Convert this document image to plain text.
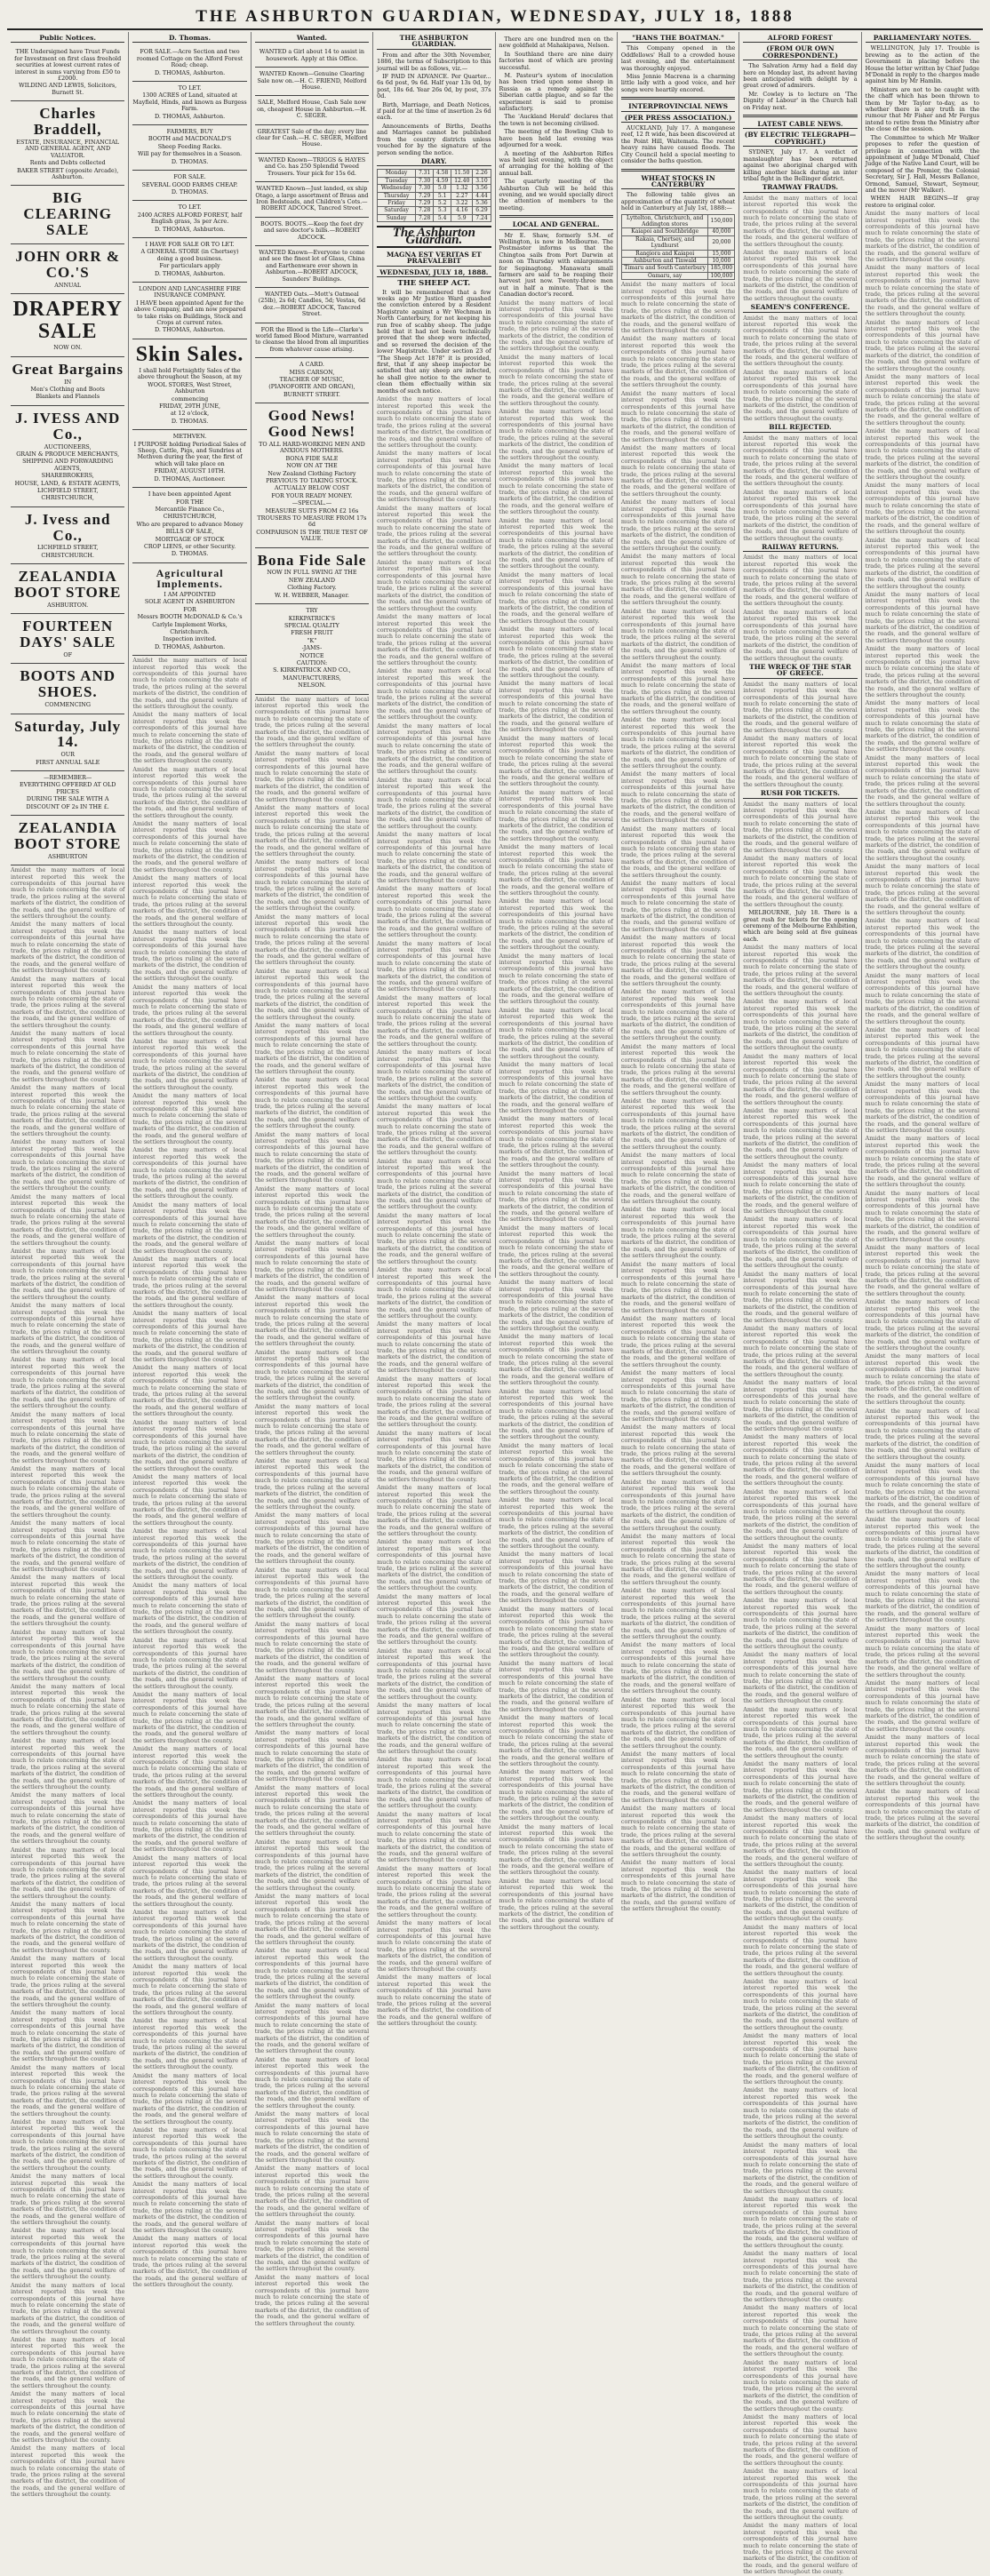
THE ASHBURTON GUARDIAN, WEDNESDAY, JULY 18, 1888
Public Notices.

THE Undersigned have Trust Funds for Investment on first class freehold securities at lowest current rates of interest in sums varying from £50 to £2000.

WILDING AND LEWIS, Solicitors, Burnett St.

Charles Braddell,

ESTATE, INSURANCE, FINANCIAL AND GENERAL AGENT, AND VALUATOR.

Rents and Debts collected

BAKER STREET (opposite Arcade), Ashburton.

BIG CLEARING SALE
JOHN ORR & CO.'S

ANNUAL

DRAPERY SALE

NOW ON.

Great Bargains

IN

Men's Clothing and Boots

Blankets and Flannels

J. IVESS AND Co.,

AUCTIONEERS,

GRAIN & PRODUCE MERCHANTS,

SHIPPING AND FORWARDING AGENTS,

SHAREBROKERS,

HOUSE, LAND, & ESTATE AGENTS,

LICHFIELD STREET,

CHRISTCHURCH,

J. Ivess and Co.,

LICHFIELD STREET,

CHRISTCHURCH.

ZEALANDIA BOOT STORE

ASHBURTON.

FOURTEEN DAYS' SALE

OF

BOOTS AND SHOES.

COMMENCING

Saturday, July 14.

OUR

FIRST ANNUAL SALE

—REMEMBER—

EVERYTHING OFFERED AT OLD PRICES

DURING THE SALE WITH A

DISCOUNT OF 2s IN THE £.

ZEALANDIA BOOT STORE

ASHBURTON

Amidst the many matters of local interest reported this week the correspondents of this journal have much to relate concerning the state of trade, the prices ruling at the several markets of the district, the condition of the roads, and the general welfare of the settlers throughout the county.

Amidst the many matters of local interest reported this week the correspondents of this journal have much to relate concerning the state of trade, the prices ruling at the several markets of the district, the condition of the roads, and the general welfare of the settlers throughout the county.

Amidst the many matters of local interest reported this week the correspondents of this journal have much to relate concerning the state of trade, the prices ruling at the several markets of the district, the condition of the roads, and the general welfare of the settlers throughout the county.

Amidst the many matters of local interest reported this week the correspondents of this journal have much to relate concerning the state of trade, the prices ruling at the several markets of the district, the condition of the roads, and the general welfare of the settlers throughout the county.

Amidst the many matters of local interest reported this week the correspondents of this journal have much to relate concerning the state of trade, the prices ruling at the several markets of the district, the condition of the roads, and the general welfare of the settlers throughout the county.

Amidst the many matters of local interest reported this week the correspondents of this journal have much to relate concerning the state of trade, the prices ruling at the several markets of the district, the condition of the roads, and the general welfare of the settlers throughout the county.

Amidst the many matters of local interest reported this week the correspondents of this journal have much to relate concerning the state of trade, the prices ruling at the several markets of the district, the condition of the roads, and the general welfare of the settlers throughout the county.

Amidst the many matters of local interest reported this week the correspondents of this journal have much to relate concerning the state of trade, the prices ruling at the several markets of the district, the condition of the roads, and the general welfare of the settlers throughout the county.

Amidst the many matters of local interest reported this week the correspondents of this journal have much to relate concerning the state of trade, the prices ruling at the several markets of the district, the condition of the roads, and the general welfare of the settlers throughout the county.

Amidst the many matters of local interest reported this week the correspondents of this journal have much to relate concerning the state of trade, the prices ruling at the several markets of the district, the condition of the roads, and the general welfare of the settlers throughout the county.

Amidst the many matters of local interest reported this week the correspondents of this journal have much to relate concerning the state of trade, the prices ruling at the several markets of the district, the condition of the roads, and the general welfare of the settlers throughout the county.

Amidst the many matters of local interest reported this week the correspondents of this journal have much to relate concerning the state of trade, the prices ruling at the several markets of the district, the condition of the roads, and the general welfare of the settlers throughout the county.

Amidst the many matters of local interest reported this week the correspondents of this journal have much to relate concerning the state of trade, the prices ruling at the several markets of the district, the condition of the roads, and the general welfare of the settlers throughout the county.

Amidst the many matters of local interest reported this week the correspondents of this journal have much to relate concerning the state of trade, the prices ruling at the several markets of the district, the condition of the roads, and the general welfare of the settlers throughout the county.

Amidst the many matters of local interest reported this week the correspondents of this journal have much to relate concerning the state of trade, the prices ruling at the several markets of the district, the condition of the roads, and the general welfare of the settlers throughout the county.

Amidst the many matters of local interest reported this week the correspondents of this journal have much to relate concerning the state of trade, the prices ruling at the several markets of the district, the condition of the roads, and the general welfare of the settlers throughout the county.

Amidst the many matters of local interest reported this week the correspondents of this journal have much to relate concerning the state of trade, the prices ruling at the several markets of the district, the condition of the roads, and the general welfare of the settlers throughout the county.

Amidst the many matters of local interest reported this week the correspondents of this journal have much to relate concerning the state of trade, the prices ruling at the several markets of the district, the condition of the roads, and the general welfare of the settlers throughout the county.

Amidst the many matters of local interest reported this week the correspondents of this journal have much to relate concerning the state of trade, the prices ruling at the several markets of the district, the condition of the roads, and the general welfare of the settlers throughout the county.

Amidst the many matters of local interest reported this week the correspondents of this journal have much to relate concerning the state of trade, the prices ruling at the several markets of the district, the condition of the roads, and the general welfare of the settlers throughout the county.

Amidst the many matters of local interest reported this week the correspondents of this journal have much to relate concerning the state of trade, the prices ruling at the several markets of the district, the condition of the roads, and the general welfare of the settlers throughout the county.

Amidst the many matters of local interest reported this week the correspondents of this journal have much to relate concerning the state of trade, the prices ruling at the several markets of the district, the condition of the roads, and the general welfare of the settlers throughout the county.

Amidst the many matters of local interest reported this week the correspondents of this journal have much to relate concerning the state of trade, the prices ruling at the several markets of the district, the condition of the roads, and the general welfare of the settlers throughout the county.

Amidst the many matters of local interest reported this week the correspondents of this journal have much to relate concerning the state of trade, the prices ruling at the several markets of the district, the condition of the roads, and the general welfare of the settlers throughout the county.

Amidst the many matters of local interest reported this week the correspondents of this journal have much to relate concerning the state of trade, the prices ruling at the several markets of the district, the condition of the roads, and the general welfare of the settlers throughout the county.

Amidst the many matters of local interest reported this week the correspondents of this journal have much to relate concerning the state of trade, the prices ruling at the several markets of the district, the condition of the roads, and the general welfare of the settlers throughout the county.

Amidst the many matters of local interest reported this week the correspondents of this journal have much to relate concerning the state of trade, the prices ruling at the several markets of the district, the condition of the roads, and the general welfare of the settlers throughout the county.

Amidst the many matters of local interest reported this week the correspondents of this journal have much to relate concerning the state of trade, the prices ruling at the several markets of the district, the condition of the roads, and the general welfare of the settlers throughout the county.

Amidst the many matters of local interest reported this week the correspondents of this journal have much to relate concerning the state of trade, the prices ruling at the several markets of the district, the condition of the roads, and the general welfare of the settlers throughout the county.

Amidst the many matters of local interest reported this week the correspondents of this journal have much to relate concerning the state of trade, the prices ruling at the several markets of the district, the condition of the roads, and the general welfare of the settlers throughout the county.

D. Thomas.

FOR SALE.—Acre Section and two roomed Cottage on the Alford Forest Road; cheap.

D. THOMAS, Ashburton.

TO LET.

1300 ACRES of Land, situated at Mayfield, Hinds, and known as Burgess Farm.

D. THOMAS, Ashburton.

FARMERS, BUY

BOOTH and MACDONALD'S

Sheep Feeding Racks.

Will pay for themselves in a Season.

D. THOMAS.

FOR SALE.

SEVERAL GOOD FARMS CHEAP.

D. THOMAS.

TO LET.

2400 ACRES ALFORD FOREST, half English grass, 3s per Acre.

D. THOMAS, Ashburton.

I HAVE FOR SALE OR TO LET.

A GENERAL STORE (in Chertsey) doing a good business.

For particulars apply

D. THOMAS, Ashburton.

LONDON AND LANCASHIRE FIRE INSURANCE COMPANY.

I HAVE been appointed Agent for the above Company, and am now prepared to take risks on Buildings, Stock and Crops at current rates.

D. THOMAS, Ashburton.

Skin Sales.

I shall hold Fortnightly Sales of the above throughout the Season, at my

WOOL STORES, West Street, Ashburton

commencing

FRIDAY, 29TH JUNE,

at 12 o'clock,

D. THOMAS.

METHVEN.

I PURPOSE holding Periodical Sales of Sheep, Cattle, Pigs, and Sundries at Methven during the year, the first of which will take place on

FRIDAY, AUGUST 10TH.

D. THOMAS, Auctioneer.

I have been appointed Agent

FOR THE

Mercantile Finance Co.,

CHRISTCHURCH,

Who are prepared to advance Money

BILLS OF SALE,

MORTGAGE OF STOCK

CROP LIENS, or other Security.

D. THOMAS.

Agricultural Implements.

I AM APPOINTED

SOLE AGENT IN ASHBURTON

FOR

Messrs BOOTH McDONALD & Co.'s

Carlyle Implement Works,

Christchurch.

Inspection invited.

D. THOMAS, Ashburton.

Amidst the many matters of local interest reported this week the correspondents of this journal have much to relate concerning the state of trade, the prices ruling at the several markets of the district, the condition of the roads, and the general welfare of the settlers throughout the county.

Amidst the many matters of local interest reported this week the correspondents of this journal have much to relate concerning the state of trade, the prices ruling at the several markets of the district, the condition of the roads, and the general welfare of the settlers throughout the county.

Amidst the many matters of local interest reported this week the correspondents of this journal have much to relate concerning the state of trade, the prices ruling at the several markets of the district, the condition of the roads, and the general welfare of the settlers throughout the county.

Amidst the many matters of local interest reported this week the correspondents of this journal have much to relate concerning the state of trade, the prices ruling at the several markets of the district, the condition of the roads, and the general welfare of the settlers throughout the county.

Amidst the many matters of local interest reported this week the correspondents of this journal have much to relate concerning the state of trade, the prices ruling at the several markets of the district, the condition of the roads, and the general welfare of the settlers throughout the county.

Amidst the many matters of local interest reported this week the correspondents of this journal have much to relate concerning the state of trade, the prices ruling at the several markets of the district, the condition of the roads, and the general welfare of the settlers throughout the county.

Amidst the many matters of local interest reported this week the correspondents of this journal have much to relate concerning the state of trade, the prices ruling at the several markets of the district, the condition of the roads, and the general welfare of the settlers throughout the county.

Amidst the many matters of local interest reported this week the correspondents of this journal have much to relate concerning the state of trade, the prices ruling at the several markets of the district, the condition of the roads, and the general welfare of the settlers throughout the county.

Amidst the many matters of local interest reported this week the correspondents of this journal have much to relate concerning the state of trade, the prices ruling at the several markets of the district, the condition of the roads, and the general welfare of the settlers throughout the county.

Amidst the many matters of local interest reported this week the correspondents of this journal have much to relate concerning the state of trade, the prices ruling at the several markets of the district, the condition of the roads, and the general welfare of the settlers throughout the county.

Amidst the many matters of local interest reported this week the correspondents of this journal have much to relate concerning the state of trade, the prices ruling at the several markets of the district, the condition of the roads, and the general welfare of the settlers throughout the county.

Amidst the many matters of local interest reported this week the correspondents of this journal have much to relate concerning the state of trade, the prices ruling at the several markets of the district, the condition of the roads, and the general welfare of the settlers throughout the county.

Amidst the many matters of local interest reported this week the correspondents of this journal have much to relate concerning the state of trade, the prices ruling at the several markets of the district, the condition of the roads, and the general welfare of the settlers throughout the county.

Amidst the many matters of local interest reported this week the correspondents of this journal have much to relate concerning the state of trade, the prices ruling at the several markets of the district, the condition of the roads, and the general welfare of the settlers throughout the county.

Amidst the many matters of local interest reported this week the correspondents of this journal have much to relate concerning the state of trade, the prices ruling at the several markets of the district, the condition of the roads, and the general welfare of the settlers throughout the county.

Amidst the many matters of local interest reported this week the correspondents of this journal have much to relate concerning the state of trade, the prices ruling at the several markets of the district, the condition of the roads, and the general welfare of the settlers throughout the county.

Amidst the many matters of local interest reported this week the correspondents of this journal have much to relate concerning the state of trade, the prices ruling at the several markets of the district, the condition of the roads, and the general welfare of the settlers throughout the county.

Amidst the many matters of local interest reported this week the correspondents of this journal have much to relate concerning the state of trade, the prices ruling at the several markets of the district, the condition of the roads, and the general welfare of the settlers throughout the county.

Amidst the many matters of local interest reported this week the correspondents of this journal have much to relate concerning the state of trade, the prices ruling at the several markets of the district, the condition of the roads, and the general welfare of the settlers throughout the county.

Amidst the many matters of local interest reported this week the correspondents of this journal have much to relate concerning the state of trade, the prices ruling at the several markets of the district, the condition of the roads, and the general welfare of the settlers throughout the county.

Amidst the many matters of local interest reported this week the correspondents of this journal have much to relate concerning the state of trade, the prices ruling at the several markets of the district, the condition of the roads, and the general welfare of the settlers throughout the county.

Amidst the many matters of local interest reported this week the correspondents of this journal have much to relate concerning the state of trade, the prices ruling at the several markets of the district, the condition of the roads, and the general welfare of the settlers throughout the county.

Amidst the many matters of local interest reported this week the correspondents of this journal have much to relate concerning the state of trade, the prices ruling at the several markets of the district, the condition of the roads, and the general welfare of the settlers throughout the county.

Amidst the many matters of local interest reported this week the correspondents of this journal have much to relate concerning the state of trade, the prices ruling at the several markets of the district, the condition of the roads, and the general welfare of the settlers throughout the county.

Amidst the many matters of local interest reported this week the correspondents of this journal have much to relate concerning the state of trade, the prices ruling at the several markets of the district, the condition of the roads, and the general welfare of the settlers throughout the county.

Amidst the many matters of local interest reported this week the correspondents of this journal have much to relate concerning the state of trade, the prices ruling at the several markets of the district, the condition of the roads, and the general welfare of the settlers throughout the county.

Amidst the many matters of local interest reported this week the correspondents of this journal have much to relate concerning the state of trade, the prices ruling at the several markets of the district, the condition of the roads, and the general welfare of the settlers throughout the county.

Amidst the many matters of local interest reported this week the correspondents of this journal have much to relate concerning the state of trade, the prices ruling at the several markets of the district, the condition of the roads, and the general welfare of the settlers throughout the county.

Amidst the many matters of local interest reported this week the correspondents of this journal have much to relate concerning the state of trade, the prices ruling at the several markets of the district, the condition of the roads, and the general welfare of the settlers throughout the county.

Amidst the many matters of local interest reported this week the correspondents of this journal have much to relate concerning the state of trade, the prices ruling at the several markets of the district, the condition of the roads, and the general welfare of the settlers throughout the county.

Wanted.

WANTED a Girl about 14 to assist in housework. Apply at this Office.

WANTED Known—Genuine Clearing Sale now on.—H. C. FRIEND, Melford House.

SALE, Melford House, Cash Sale now on, cheapest House in Ashburton.—H. C. SEGER.

GREATEST Sale of the day; every line clear for Cash.—H. C. SEGER, Melford House.

WANTED Known—TRIGGS & HAYES and Co. has 250 Splendid Tweed Trousers. Your pick for 15s 6d.

WANTED Known—Just landed, ex ship Otago, a large assortment of Brass and Iron Bedsteads, and Children's Cots.—ROBERT ADCOCK, Tancred Street.

BOOTS. BOOTS.—Keep the feet dry and save doctor's bills.—ROBERT ADCOCK.

WANTED Known—Everyone to come and see the finest lot of Glass, China and Earthenware ever shown in Ashburton.—ROBERT ADCOCK, Saunders' Buildings.

WANTED Oats.—Mott's Oatmeal (25lb), 2s 6d; Candles, 5d; Vestas, 6d doz.—ROBERT ADCOCK, Tancred Street.

FOR the Blood is the Life—Clarke's world famed Blood Mixture, warranted to cleanse the blood from all impurities from whatever cause arising.

A CARD.

MISS CARSON,

TEACHER OF MUSIC,

(PIANOFORTE AND ORGAN),

BURNETT STREET.

Good News! Good News!

TO ALL HARD-WORKING MEN AND ANXIOUS MOTHERS.

BONA FIDE SALE

NOW ON AT THE

New Zealand Clothing Factory

PREVIOUS TO TAKING STOCK.

ACTUALLY BELOW COST

FOR YOUR READY MONEY.

—SPECIAL.—

MEASURE SUITS FROM £2 16s

TROUSERS TO MEASURE FROM 17s 6d

COMPARISON IS THE TRUE TEST OF VALUE.

Bona Fide Sale

NOW IN FULL SWING AT THE

NEW ZEALAND

Clothing Factory.

W. H. WEBBER, Manager.

TRY

KIRKPATRICK'S

SPECIAL QUALITY

FRESH FRUIT

"K"

-JAMS-

NOTICE

CAUTION:

S. KIRKPATRICK AND CO.,

MANUFACTURERS,

NELSON.

Amidst the many matters of local interest reported this week the correspondents of this journal have much to relate concerning the state of trade, the prices ruling at the several markets of the district, the condition of the roads, and the general welfare of the settlers throughout the county.

Amidst the many matters of local interest reported this week the correspondents of this journal have much to relate concerning the state of trade, the prices ruling at the several markets of the district, the condition of the roads, and the general welfare of the settlers throughout the county.

Amidst the many matters of local interest reported this week the correspondents of this journal have much to relate concerning the state of trade, the prices ruling at the several markets of the district, the condition of the roads, and the general welfare of the settlers throughout the county.

Amidst the many matters of local interest reported this week the correspondents of this journal have much to relate concerning the state of trade, the prices ruling at the several markets of the district, the condition of the roads, and the general welfare of the settlers throughout the county.

Amidst the many matters of local interest reported this week the correspondents of this journal have much to relate concerning the state of trade, the prices ruling at the several markets of the district, the condition of the roads, and the general welfare of the settlers throughout the county.

Amidst the many matters of local interest reported this week the correspondents of this journal have much to relate concerning the state of trade, the prices ruling at the several markets of the district, the condition of the roads, and the general welfare of the settlers throughout the county.

Amidst the many matters of local interest reported this week the correspondents of this journal have much to relate concerning the state of trade, the prices ruling at the several markets of the district, the condition of the roads, and the general welfare of the settlers throughout the county.

Amidst the many matters of local interest reported this week the correspondents of this journal have much to relate concerning the state of trade, the prices ruling at the several markets of the district, the condition of the roads, and the general welfare of the settlers throughout the county.

Amidst the many matters of local interest reported this week the correspondents of this journal have much to relate concerning the state of trade, the prices ruling at the several markets of the district, the condition of the roads, and the general welfare of the settlers throughout the county.

Amidst the many matters of local interest reported this week the correspondents of this journal have much to relate concerning the state of trade, the prices ruling at the several markets of the district, the condition of the roads, and the general welfare of the settlers throughout the county.

Amidst the many matters of local interest reported this week the correspondents of this journal have much to relate concerning the state of trade, the prices ruling at the several markets of the district, the condition of the roads, and the general welfare of the settlers throughout the county.

Amidst the many matters of local interest reported this week the correspondents of this journal have much to relate concerning the state of trade, the prices ruling at the several markets of the district, the condition of the roads, and the general welfare of the settlers throughout the county.

Amidst the many matters of local interest reported this week the correspondents of this journal have much to relate concerning the state of trade, the prices ruling at the several markets of the district, the condition of the roads, and the general welfare of the settlers throughout the county.

Amidst the many matters of local interest reported this week the correspondents of this journal have much to relate concerning the state of trade, the prices ruling at the several markets of the district, the condition of the roads, and the general welfare of the settlers throughout the county.

Amidst the many matters of local interest reported this week the correspondents of this journal have much to relate concerning the state of trade, the prices ruling at the several markets of the district, the condition of the roads, and the general welfare of the settlers throughout the county.

Amidst the many matters of local interest reported this week the correspondents of this journal have much to relate concerning the state of trade, the prices ruling at the several markets of the district, the condition of the roads, and the general welfare of the settlers throughout the county.

Amidst the many matters of local interest reported this week the correspondents of this journal have much to relate concerning the state of trade, the prices ruling at the several markets of the district, the condition of the roads, and the general welfare of the settlers throughout the county.

Amidst the many matters of local interest reported this week the correspondents of this journal have much to relate concerning the state of trade, the prices ruling at the several markets of the district, the condition of the roads, and the general welfare of the settlers throughout the county.

Amidst the many matters of local interest reported this week the correspondents of this journal have much to relate concerning the state of trade, the prices ruling at the several markets of the district, the condition of the roads, and the general welfare of the settlers throughout the county.

Amidst the many matters of local interest reported this week the correspondents of this journal have much to relate concerning the state of trade, the prices ruling at the several markets of the district, the condition of the roads, and the general welfare of the settlers throughout the county.

Amidst the many matters of local interest reported this week the correspondents of this journal have much to relate concerning the state of trade, the prices ruling at the several markets of the district, the condition of the roads, and the general welfare of the settlers throughout the county.

Amidst the many matters of local interest reported this week the correspondents of this journal have much to relate concerning the state of trade, the prices ruling at the several markets of the district, the condition of the roads, and the general welfare of the settlers throughout the county.

Amidst the many matters of local interest reported this week the correspondents of this journal have much to relate concerning the state of trade, the prices ruling at the several markets of the district, the condition of the roads, and the general welfare of the settlers throughout the county.

Amidst the many matters of local interest reported this week the correspondents of this journal have much to relate concerning the state of trade, the prices ruling at the several markets of the district, the condition of the roads, and the general welfare of the settlers throughout the county.

Amidst the many matters of local interest reported this week the correspondents of this journal have much to relate concerning the state of trade, the prices ruling at the several markets of the district, the condition of the roads, and the general welfare of the settlers throughout the county.

Amidst the many matters of local interest reported this week the correspondents of this journal have much to relate concerning the state of trade, the prices ruling at the several markets of the district, the condition of the roads, and the general welfare of the settlers throughout the county.

Amidst the many matters of local interest reported this week the correspondents of this journal have much to relate concerning the state of trade, the prices ruling at the several markets of the district, the condition of the roads, and the general welfare of the settlers throughout the county.

Amidst the many matters of local interest reported this week the correspondents of this journal have much to relate concerning the state of trade, the prices ruling at the several markets of the district, the condition of the roads, and the general welfare of the settlers throughout the county.

Amidst the many matters of local interest reported this week the correspondents of this journal have much to relate concerning the state of trade, the prices ruling at the several markets of the district, the condition of the roads, and the general welfare of the settlers throughout the county.

Amidst the many matters of local interest reported this week the correspondents of this journal have much to relate concerning the state of trade, the prices ruling at the several markets of the district, the condition of the roads, and the general welfare of the settlers throughout the county.

THE ASHBURTON GUARDIAN.

From and after the 30th November, 1886, the terms of Subscription to this journal will be as follows, viz.—

IF PAID IN ADVANCE. Per Quarter... 6s 6d post, 9s 6d. Half year 13s 0d, by post, 18s 6d. Year 26s 0d, by post, 37s 0d.

Birth, Marriage, and Death Notices, if paid for at the time of insertion 2s 6d each.

Announcements of Births, Deaths and Marriages cannot be published from the country districts unless vouched for by the signature of the person sending the notice.

DIARY.
Monday	7.31	4.58	11.50	2.26
Tuesday	7.30	4.59	12.40	3.10
Wednesday	7.30	5.0	1.32	3.56
Thursday	7.29	5.1	2.27	4.44
Friday	7.29	5.2	3.22	5.36
Saturday	7.28	5.3	4.16	6.29
Sunday	7.28	5.4	5.9	7.24
The Ashburton Guardian.
MAGNA EST VERITAS ET PRAEVALEBIT
WEDNESDAY, JULY 18, 1888.
THE SHEEP ACT.

It will be remembered that a few weeks ago Mr Justice Ward quashed the conviction entered by a Resident Magistrate against a Wr Wechman in North Canterbury, for not keeping his run free of scabby sheep. The judge held that it had not been technically proved that the sheep were infected, and so reversed the decision of the lower Magistrate. Under section 23 of "The Sheep Act 1878" it is provided, first, that if any sheep inspector be satisfied that any sheep are infected, he shall give notice to the owner to clean them effectually within six months of such notice.

Amidst the many matters of local interest reported this week the correspondents of this journal have much to relate concerning the state of trade, the prices ruling at the several markets of the district, the condition of the roads, and the general welfare of the settlers throughout the county.

Amidst the many matters of local interest reported this week the correspondents of this journal have much to relate concerning the state of trade, the prices ruling at the several markets of the district, the condition of the roads, and the general welfare of the settlers throughout the county.

Amidst the many matters of local interest reported this week the correspondents of this journal have much to relate concerning the state of trade, the prices ruling at the several markets of the district, the condition of the roads, and the general welfare of the settlers throughout the county.

Amidst the many matters of local interest reported this week the correspondents of this journal have much to relate concerning the state of trade, the prices ruling at the several markets of the district, the condition of the roads, and the general welfare of the settlers throughout the county.

Amidst the many matters of local interest reported this week the correspondents of this journal have much to relate concerning the state of trade, the prices ruling at the several markets of the district, the condition of the roads, and the general welfare of the settlers throughout the county.

Amidst the many matters of local interest reported this week the correspondents of this journal have much to relate concerning the state of trade, the prices ruling at the several markets of the district, the condition of the roads, and the general welfare of the settlers throughout the county.

Amidst the many matters of local interest reported this week the correspondents of this journal have much to relate concerning the state of trade, the prices ruling at the several markets of the district, the condition of the roads, and the general welfare of the settlers throughout the county.

Amidst the many matters of local interest reported this week the correspondents of this journal have much to relate concerning the state of trade, the prices ruling at the several markets of the district, the condition of the roads, and the general welfare of the settlers throughout the county.

Amidst the many matters of local interest reported this week the correspondents of this journal have much to relate concerning the state of trade, the prices ruling at the several markets of the district, the condition of the roads, and the general welfare of the settlers throughout the county.

Amidst the many matters of local interest reported this week the correspondents of this journal have much to relate concerning the state of trade, the prices ruling at the several markets of the district, the condition of the roads, and the general welfare of the settlers throughout the county.

Amidst the many matters of local interest reported this week the correspondents of this journal have much to relate concerning the state of trade, the prices ruling at the several markets of the district, the condition of the roads, and the general welfare of the settlers throughout the county.

Amidst the many matters of local interest reported this week the correspondents of this journal have much to relate concerning the state of trade, the prices ruling at the several markets of the district, the condition of the roads, and the general welfare of the settlers throughout the county.

Amidst the many matters of local interest reported this week the correspondents of this journal have much to relate concerning the state of trade, the prices ruling at the several markets of the district, the condition of the roads, and the general welfare of the settlers throughout the county.

Amidst the many matters of local interest reported this week the correspondents of this journal have much to relate concerning the state of trade, the prices ruling at the several markets of the district, the condition of the roads, and the general welfare of the settlers throughout the county.

Amidst the many matters of local interest reported this week the correspondents of this journal have much to relate concerning the state of trade, the prices ruling at the several markets of the district, the condition of the roads, and the general welfare of the settlers throughout the county.

Amidst the many matters of local interest reported this week the correspondents of this journal have much to relate concerning the state of trade, the prices ruling at the several markets of the district, the condition of the roads, and the general welfare of the settlers throughout the county.

Amidst the many matters of local interest reported this week the correspondents of this journal have much to relate concerning the state of trade, the prices ruling at the several markets of the district, the condition of the roads, and the general welfare of the settlers throughout the county.

Amidst the many matters of local interest reported this week the correspondents of this journal have much to relate concerning the state of trade, the prices ruling at the several markets of the district, the condition of the roads, and the general welfare of the settlers throughout the county.

Amidst the many matters of local interest reported this week the correspondents of this journal have much to relate concerning the state of trade, the prices ruling at the several markets of the district, the condition of the roads, and the general welfare of the settlers throughout the county.

Amidst the many matters of local interest reported this week the correspondents of this journal have much to relate concerning the state of trade, the prices ruling at the several markets of the district, the condition of the roads, and the general welfare of the settlers throughout the county.

Amidst the many matters of local interest reported this week the correspondents of this journal have much to relate concerning the state of trade, the prices ruling at the several markets of the district, the condition of the roads, and the general welfare of the settlers throughout the county.

Amidst the many matters of local interest reported this week the correspondents of this journal have much to relate concerning the state of trade, the prices ruling at the several markets of the district, the condition of the roads, and the general welfare of the settlers throughout the county.

Amidst the many matters of local interest reported this week the correspondents of this journal have much to relate concerning the state of trade, the prices ruling at the several markets of the district, the condition of the roads, and the general welfare of the settlers throughout the county.

Amidst the many matters of local interest reported this week the correspondents of this journal have much to relate concerning the state of trade, the prices ruling at the several markets of the district, the condition of the roads, and the general welfare of the settlers throughout the county.

Amidst the many matters of local interest reported this week the correspondents of this journal have much to relate concerning the state of trade, the prices ruling at the several markets of the district, the condition of the roads, and the general welfare of the settlers throughout the county.

Amidst the many matters of local interest reported this week the correspondents of this journal have much to relate concerning the state of trade, the prices ruling at the several markets of the district, the condition of the roads, and the general welfare of the settlers throughout the county.

Amidst the many matters of local interest reported this week the correspondents of this journal have much to relate concerning the state of trade, the prices ruling at the several markets of the district, the condition of the roads, and the general welfare of the settlers throughout the county.

Amidst the many matters of local interest reported this week the correspondents of this journal have much to relate concerning the state of trade, the prices ruling at the several markets of the district, the condition of the roads, and the general welfare of the settlers throughout the county.

Amidst the many matters of local interest reported this week the correspondents of this journal have much to relate concerning the state of trade, the prices ruling at the several markets of the district, the condition of the roads, and the general welfare of the settlers throughout the county.

Amidst the many matters of local interest reported this week the correspondents of this journal have much to relate concerning the state of trade, the prices ruling at the several markets of the district, the condition of the roads, and the general welfare of the settlers throughout the county.

There are one hundred men on the new goldfield at Mahakipawa, Nelson.

In Southland there are nine dairy factories most of which are proving successful.

M. Pasteur's system of inoculation has been tried upon some sheep in Russia as a remedy against the Siberian cattle plague, and so far the experiment is said to promise satisfactory.

The 'Auckland Herald' declares that the town is not becoming civilised.

The meeting of the Bowling Club to have been held last evening was adjourned for a week.

A meeting of the Ashburton Rifles was held last evening, with the object of arranging for the holding of the annual ball.

The quarterly meeting of the Ashburton Club will be held this evening, and we would specially direct the attention of members to the meeting.

LOCAL AND GENERAL.

Mr E. Shaw, formerly S.M. of Wellington, is now in Melbourne. The Postmaster informs us that the Chingtoa sails from Port Darwin at noon on Thursday with enlargements for Sepinagtong. Manawatu small farmers are said to be reaping their harvest just now. Twenty-three men out in half a minute. That is the Canadian doctor's record.

Amidst the many matters of local interest reported this week the correspondents of this journal have much to relate concerning the state of trade, the prices ruling at the several markets of the district, the condition of the roads, and the general welfare of the settlers throughout the county.

Amidst the many matters of local interest reported this week the correspondents of this journal have much to relate concerning the state of trade, the prices ruling at the several markets of the district, the condition of the roads, and the general welfare of the settlers throughout the county.

Amidst the many matters of local interest reported this week the correspondents of this journal have much to relate concerning the state of trade, the prices ruling at the several markets of the district, the condition of the roads, and the general welfare of the settlers throughout the county.

Amidst the many matters of local interest reported this week the correspondents of this journal have much to relate concerning the state of trade, the prices ruling at the several markets of the district, the condition of the roads, and the general welfare of the settlers throughout the county.

Amidst the many matters of local interest reported this week the correspondents of this journal have much to relate concerning the state of trade, the prices ruling at the several markets of the district, the condition of the roads, and the general welfare of the settlers throughout the county.

Amidst the many matters of local interest reported this week the correspondents of this journal have much to relate concerning the state of trade, the prices ruling at the several markets of the district, the condition of the roads, and the general welfare of the settlers throughout the county.

Amidst the many matters of local interest reported this week the correspondents of this journal have much to relate concerning the state of trade, the prices ruling at the several markets of the district, the condition of the roads, and the general welfare of the settlers throughout the county.

Amidst the many matters of local interest reported this week the correspondents of this journal have much to relate concerning the state of trade, the prices ruling at the several markets of the district, the condition of the roads, and the general welfare of the settlers throughout the county.

Amidst the many matters of local interest reported this week the correspondents of this journal have much to relate concerning the state of trade, the prices ruling at the several markets of the district, the condition of the roads, and the general welfare of the settlers throughout the county.

Amidst the many matters of local interest reported this week the correspondents of this journal have much to relate concerning the state of trade, the prices ruling at the several markets of the district, the condition of the roads, and the general welfare of the settlers throughout the county.

Amidst the many matters of local interest reported this week the correspondents of this journal have much to relate concerning the state of trade, the prices ruling at the several markets of the district, the condition of the roads, and the general welfare of the settlers throughout the county.

Amidst the many matters of local interest reported this week the correspondents of this journal have much to relate concerning the state of trade, the prices ruling at the several markets of the district, the condition of the roads, and the general welfare of the settlers throughout the county.

Amidst the many matters of local interest reported this week the correspondents of this journal have much to relate concerning the state of trade, the prices ruling at the several markets of the district, the condition of the roads, and the general welfare of the settlers throughout the county.

Amidst the many matters of local interest reported this week the correspondents of this journal have much to relate concerning the state of trade, the prices ruling at the several markets of the district, the condition of the roads, and the general welfare of the settlers throughout the county.

Amidst the many matters of local interest reported this week the correspondents of this journal have much to relate concerning the state of trade, the prices ruling at the several markets of the district, the condition of the roads, and the general welfare of the settlers throughout the county.

Amidst the many matters of local interest reported this week the correspondents of this journal have much to relate concerning the state of trade, the prices ruling at the several markets of the district, the condition of the roads, and the general welfare of the settlers throughout the county.

Amidst the many matters of local interest reported this week the correspondents of this journal have much to relate concerning the state of trade, the prices ruling at the several markets of the district, the condition of the roads, and the general welfare of the settlers throughout the county.

Amidst the many matters of local interest reported this week the correspondents of this journal have much to relate concerning the state of trade, the prices ruling at the several markets of the district, the condition of the roads, and the general welfare of the settlers throughout the county.

Amidst the many matters of local interest reported this week the correspondents of this journal have much to relate concerning the state of trade, the prices ruling at the several markets of the district, the condition of the roads, and the general welfare of the settlers throughout the county.

Amidst the many matters of local interest reported this week the correspondents of this journal have much to relate concerning the state of trade, the prices ruling at the several markets of the district, the condition of the roads, and the general welfare of the settlers throughout the county.

Amidst the many matters of local interest reported this week the correspondents of this journal have much to relate concerning the state of trade, the prices ruling at the several markets of the district, the condition of the roads, and the general welfare of the settlers throughout the county.

Amidst the many matters of local interest reported this week the correspondents of this journal have much to relate concerning the state of trade, the prices ruling at the several markets of the district, the condition of the roads, and the general welfare of the settlers throughout the county.

Amidst the many matters of local interest reported this week the correspondents of this journal have much to relate concerning the state of trade, the prices ruling at the several markets of the district, the condition of the roads, and the general welfare of the settlers throughout the county.

Amidst the many matters of local interest reported this week the correspondents of this journal have much to relate concerning the state of trade, the prices ruling at the several markets of the district, the condition of the roads, and the general welfare of the settlers throughout the county.

Amidst the many matters of local interest reported this week the correspondents of this journal have much to relate concerning the state of trade, the prices ruling at the several markets of the district, the condition of the roads, and the general welfare of the settlers throughout the county.

Amidst the many matters of local interest reported this week the correspondents of this journal have much to relate concerning the state of trade, the prices ruling at the several markets of the district, the condition of the roads, and the general welfare of the settlers throughout the county.

Amidst the many matters of local interest reported this week the correspondents of this journal have much to relate concerning the state of trade, the prices ruling at the several markets of the district, the condition of the roads, and the general welfare of the settlers throughout the county.

Amidst the many matters of local interest reported this week the correspondents of this journal have much to relate concerning the state of trade, the prices ruling at the several markets of the district, the condition of the roads, and the general welfare of the settlers throughout the county.

Amidst the many matters of local interest reported this week the correspondents of this journal have much to relate concerning the state of trade, the prices ruling at the several markets of the district, the condition of the roads, and the general welfare of the settlers throughout the county.

Amidst the many matters of local interest reported this week the correspondents of this journal have much to relate concerning the state of trade, the prices ruling at the several markets of the district, the condition of the roads, and the general welfare of the settlers throughout the county.

"HANS THE BOATMAN."

This Company opened in the Oddfellows' Hall to a crowded house last evening, and the entertainment was thoroughly enjoyed.

Miss Jennie Macrena is a charming little lady with a good voice, and her songs were heartily encored.

INTERPROVINCIAL NEWS
(PER PRESS ASSOCIATION.)

AUCKLAND, July 17. A manganese reef, 12 ft wide, has been discovered at the Point Hill, Waitemata. The recent heavy rains have caused floods. The City Council held a special meeting to consider the baths question.

WHEAT STOCKS IN CANTERBURY

The following table gives an approximation of the quantity of wheat held in Canterbury at July 1st, 1888:—

Lyttelton, Christchurch, and Addington stores	150,000
Kaiapoi and Southbridge	40,000
Rakaia, Chertsey, and Lyndhurst	20,000
Rangiora and Kaiapoi	15,000
Ashburton and Tinwald	10,000
Timaru and South Canterbury	185,000
Oamaru, say	100,000

Amidst the many matters of local interest reported this week the correspondents of this journal have much to relate concerning the state of trade, the prices ruling at the several markets of the district, the condition of the roads, and the general welfare of the settlers throughout the county.

Amidst the many matters of local interest reported this week the correspondents of this journal have much to relate concerning the state of trade, the prices ruling at the several markets of the district, the condition of the roads, and the general welfare of the settlers throughout the county.

Amidst the many matters of local interest reported this week the correspondents of this journal have much to relate concerning the state of trade, the prices ruling at the several markets of the district, the condition of the roads, and the general welfare of the settlers throughout the county.

Amidst the many matters of local interest reported this week the correspondents of this journal have much to relate concerning the state of trade, the prices ruling at the several markets of the district, the condition of the roads, and the general welfare of the settlers throughout the county.

Amidst the many matters of local interest reported this week the correspondents of this journal have much to relate concerning the state of trade, the prices ruling at the several markets of the district, the condition of the roads, and the general welfare of the settlers throughout the county.

Amidst the many matters of local interest reported this week the correspondents of this journal have much to relate concerning the state of trade, the prices ruling at the several markets of the district, the condition of the roads, and the general welfare of the settlers throughout the county.

Amidst the many matters of local interest reported this week the correspondents of this journal have much to relate concerning the state of trade, the prices ruling at the several markets of the district, the condition of the roads, and the general welfare of the settlers throughout the county.

Amidst the many matters of local interest reported this week the correspondents of this journal have much to relate concerning the state of trade, the prices ruling at the several markets of the district, the condition of the roads, and the general welfare of the settlers throughout the county.

Amidst the many matters of local interest reported this week the correspondents of this journal have much to relate concerning the state of trade, the prices ruling at the several markets of the district, the condition of the roads, and the general welfare of the settlers throughout the county.

Amidst the many matters of local interest reported this week the correspondents of this journal have much to relate concerning the state of trade, the prices ruling at the several markets of the district, the condition of the roads, and the general welfare of the settlers throughout the county.

Amidst the many matters of local interest reported this week the correspondents of this journal have much to relate concerning the state of trade, the prices ruling at the several markets of the district, the condition of the roads, and the general welfare of the settlers throughout the county.

Amidst the many matters of local interest reported this week the correspondents of this journal have much to relate concerning the state of trade, the prices ruling at the several markets of the district, the condition of the roads, and the general welfare of the settlers throughout the county.

Amidst the many matters of local interest reported this week the correspondents of this journal have much to relate concerning the state of trade, the prices ruling at the several markets of the district, the condition of the roads, and the general welfare of the settlers throughout the county.

Amidst the many matters of local interest reported this week the correspondents of this journal have much to relate concerning the state of trade, the prices ruling at the several markets of the district, the condition of the roads, and the general welfare of the settlers throughout the county.

Amidst the many matters of local interest reported this week the correspondents of this journal have much to relate concerning the state of trade, the prices ruling at the several markets of the district, the condition of the roads, and the general welfare of the settlers throughout the county.

Amidst the many matters of local interest reported this week the correspondents of this journal have much to relate concerning the state of trade, the prices ruling at the several markets of the district, the condition of the roads, and the general welfare of the settlers throughout the county.

Amidst the many matters of local interest reported this week the correspondents of this journal have much to relate concerning the state of trade, the prices ruling at the several markets of the district, the condition of the roads, and the general welfare of the settlers throughout the county.

Amidst the many matters of local interest reported this week the correspondents of this journal have much to relate concerning the state of trade, the prices ruling at the several markets of the district, the condition of the roads, and the general welfare of the settlers throughout the county.

Amidst the many matters of local interest reported this week the correspondents of this journal have much to relate concerning the state of trade, the prices ruling at the several markets of the district, the condition of the roads, and the general welfare of the settlers throughout the county.

Amidst the many matters of local interest reported this week the correspondents of this journal have much to relate concerning the state of trade, the prices ruling at the several markets of the district, the condition of the roads, and the general welfare of the settlers throughout the county.

Amidst the many matters of local interest reported this week the correspondents of this journal have much to relate concerning the state of trade, the prices ruling at the several markets of the district, the condition of the roads, and the general welfare of the settlers throughout the county.

Amidst the many matters of local interest reported this week the correspondents of this journal have much to relate concerning the state of trade, the prices ruling at the several markets of the district, the condition of the roads, and the general welfare of the settlers throughout the county.

Amidst the many matters of local interest reported this week the correspondents of this journal have much to relate concerning the state of trade, the prices ruling at the several markets of the district, the condition of the roads, and the general welfare of the settlers throughout the county.

Amidst the many matters of local interest reported this week the correspondents of this journal have much to relate concerning the state of trade, the prices ruling at the several markets of the district, the condition of the roads, and the general welfare of the settlers throughout the county.

Amidst the many matters of local interest reported this week the correspondents of this journal have much to relate concerning the state of trade, the prices ruling at the several markets of the district, the condition of the roads, and the general welfare of the settlers throughout the county.

Amidst the many matters of local interest reported this week the correspondents of this journal have much to relate concerning the state of trade, the prices ruling at the several markets of the district, the condition of the roads, and the general welfare of the settlers throughout the county.

Amidst the many matters of local interest reported this week the correspondents of this journal have much to relate concerning the state of trade, the prices ruling at the several markets of the district, the condition of the roads, and the general welfare of the settlers throughout the county.

Amidst the many matters of local interest reported this week the correspondents of this journal have much to relate concerning the state of trade, the prices ruling at the several markets of the district, the condition of the roads, and the general welfare of the settlers throughout the county.

Amidst the many matters of local interest reported this week the correspondents of this journal have much to relate concerning the state of trade, the prices ruling at the several markets of the district, the condition of the roads, and the general welfare of the settlers throughout the county.

Amidst the many matters of local interest reported this week the correspondents of this journal have much to relate concerning the state of trade, the prices ruling at the several markets of the district, the condition of the roads, and the general welfare of the settlers throughout the county.

ALFORD FOREST
(FROM OUR OWN CORRESPONDENT.)

The Salvation Army had a field day here on Monday last, its advent having been anticipated with delight by a great crowd of admirers.

Mr. Cowley is to lecture on 'The Dignity of Labour' in the Church hall on Friday next.

LATEST CABLE NEWS.
(BY ELECTRIC TELEGRAPH—COPYRIGHT.)

SYDNEY, July 17. A verdict of manslaughter has been returned against two aboriginal charged with killing another black during an inter tribal fight in the Bellinger district.

TRAMWAY FRAUDS.

Amidst the many matters of local interest reported this week the correspondents of this journal have much to relate concerning the state of trade, the prices ruling at the several markets of the district, the condition of the roads, and the general welfare of the settlers throughout the county.

Amidst the many matters of local interest reported this week the correspondents of this journal have much to relate concerning the state of trade, the prices ruling at the several markets of the district, the condition of the roads, and the general welfare of the settlers throughout the county.

SEAMEN'S CONFERENCE.

Amidst the many matters of local interest reported this week the correspondents of this journal have much to relate concerning the state of trade, the prices ruling at the several markets of the district, the condition of the roads, and the general welfare of the settlers throughout the county.

Amidst the many matters of local interest reported this week the correspondents of this journal have much to relate concerning the state of trade, the prices ruling at the several markets of the district, the condition of the roads, and the general welfare of the settlers throughout the county.

BILL REJECTED.

Amidst the many matters of local interest reported this week the correspondents of this journal have much to relate concerning the state of trade, the prices ruling at the several markets of the district, the condition of the roads, and the general welfare of the settlers throughout the county.

Amidst the many matters of local interest reported this week the correspondents of this journal have much to relate concerning the state of trade, the prices ruling at the several markets of the district, the condition of the roads, and the general welfare of the settlers throughout the county.

RAILWAY RETURNS.

Amidst the many matters of local interest reported this week the correspondents of this journal have much to relate concerning the state of trade, the prices ruling at the several markets of the district, the condition of the roads, and the general welfare of the settlers throughout the county.

Amidst the many matters of local interest reported this week the correspondents of this journal have much to relate concerning the state of trade, the prices ruling at the several markets of the district, the condition of the roads, and the general welfare of the settlers throughout the county.

THE WRECK OF THE STAR OF GREECE.

Amidst the many matters of local interest reported this week the correspondents of this journal have much to relate concerning the state of trade, the prices ruling at the several markets of the district, the condition of the roads, and the general welfare of the settlers throughout the county.

Amidst the many matters of local interest reported this week the correspondents of this journal have much to relate concerning the state of trade, the prices ruling at the several markets of the district, the condition of the roads, and the general welfare of the settlers throughout the county.

RUSH FOR TICKETS.

Amidst the many matters of local interest reported this week the correspondents of this journal have much to relate concerning the state of trade, the prices ruling at the several markets of the district, the condition of the roads, and the general welfare of the settlers throughout the county.

Amidst the many matters of local interest reported this week the correspondents of this journal have much to relate concerning the state of trade, the prices ruling at the several markets of the district, the condition of the roads, and the general welfare of the settlers throughout the county.

MELBOURNE, July 18. There is a great rush for tickets for the opening ceremony of the Melbourne Exhibition, which are being sold at five guineas each.

Amidst the many matters of local interest reported this week the correspondents of this journal have much to relate concerning the state of trade, the prices ruling at the several markets of the district, the condition of the roads, and the general welfare of the settlers throughout the county.

Amidst the many matters of local interest reported this week the correspondents of this journal have much to relate concerning the state of trade, the prices ruling at the several markets of the district, the condition of the roads, and the general welfare of the settlers throughout the county.

Amidst the many matters of local interest reported this week the correspondents of this journal have much to relate concerning the state of trade, the prices ruling at the several markets of the district, the condition of the roads, and the general welfare of the settlers throughout the county.

Amidst the many matters of local interest reported this week the correspondents of this journal have much to relate concerning the state of trade, the prices ruling at the several markets of the district, the condition of the roads, and the general welfare of the settlers throughout the county.

Amidst the many matters of local interest reported this week the correspondents of this journal have much to relate concerning the state of trade, the prices ruling at the several markets of the district, the condition of the roads, and the general welfare of the settlers throughout the county.

Amidst the many matters of local interest reported this week the correspondents of this journal have much to relate concerning the state of trade, the prices ruling at the several markets of the district, the condition of the roads, and the general welfare of the settlers throughout the county.

Amidst the many matters of local interest reported this week the correspondents of this journal have much to relate concerning the state of trade, the prices ruling at the several markets of the district, the condition of the roads, and the general welfare of the settlers throughout the county.

Amidst the many matters of local interest reported this week the correspondents of this journal have much to relate concerning the state of trade, the prices ruling at the several markets of the district, the condition of the roads, and the general welfare of the settlers throughout the county.

Amidst the many matters of local interest reported this week the correspondents of this journal have much to relate concerning the state of trade, the prices ruling at the several markets of the district, the condition of the roads, and the general welfare of the settlers throughout the county.

Amidst the many matters of local interest reported this week the correspondents of this journal have much to relate concerning the state of trade, the prices ruling at the several markets of the district, the condition of the roads, and the general welfare of the settlers throughout the county.

Amidst the many matters of local interest reported this week the correspondents of this journal have much to relate concerning the state of trade, the prices ruling at the several markets of the district, the condition of the roads, and the general welfare of the settlers throughout the county.

Amidst the many matters of local interest reported this week the correspondents of this journal have much to relate concerning the state of trade, the prices ruling at the several markets of the district, the condition of the roads, and the general welfare of the settlers throughout the county.

Amidst the many matters of local interest reported this week the correspondents of this journal have much to relate concerning the state of trade, the prices ruling at the several markets of the district, the condition of the roads, and the general welfare of the settlers throughout the county.

Amidst the many matters of local interest reported this week the correspondents of this journal have much to relate concerning the state of trade, the prices ruling at the several markets of the district, the condition of the roads, and the general welfare of the settlers throughout the county.

Amidst the many matters of local interest reported this week the correspondents of this journal have much to relate concerning the state of trade, the prices ruling at the several markets of the district, the condition of the roads, and the general welfare of the settlers throughout the county.

Amidst the many matters of local interest reported this week the correspondents of this journal have much to relate concerning the state of trade, the prices ruling at the several markets of the district, the condition of the roads, and the general welfare of the settlers throughout the county.

Amidst the many matters of local interest reported this week the correspondents of this journal have much to relate concerning the state of trade, the prices ruling at the several markets of the district, the condition of the roads, and the general welfare of the settlers throughout the county.

Amidst the many matters of local interest reported this week the correspondents of this journal have much to relate concerning the state of trade, the prices ruling at the several markets of the district, the condition of the roads, and the general welfare of the settlers throughout the county.

Amidst the many matters of local interest reported this week the correspondents of this journal have much to relate concerning the state of trade, the prices ruling at the several markets of the district, the condition of the roads, and the general welfare of the settlers throughout the county.

Amidst the many matters of local interest reported this week the correspondents of this journal have much to relate concerning the state of trade, the prices ruling at the several markets of the district, the condition of the roads, and the general welfare of the settlers throughout the county.

Amidst the many matters of local interest reported this week the correspondents of this journal have much to relate concerning the state of trade, the prices ruling at the several markets of the district, the condition of the roads, and the general welfare of the settlers throughout the county.

Amidst the many matters of local interest reported this week the correspondents of this journal have much to relate concerning the state of trade, the prices ruling at the several markets of the district, the condition of the roads, and the general welfare of the settlers throughout the county.

Amidst the many matters of local interest reported this week the correspondents of this journal have much to relate concerning the state of trade, the prices ruling at the several markets of the district, the condition of the roads, and the general welfare of the settlers throughout the county.

Amidst the many matters of local interest reported this week the correspondents of this journal have much to relate concerning the state of trade, the prices ruling at the several markets of the district, the condition of the roads, and the general welfare of the settlers throughout the county.

Amidst the many matters of local interest reported this week the correspondents of this journal have much to relate concerning the state of trade, the prices ruling at the several markets of the district, the condition of the roads, and the general welfare of the settlers throughout the county.

Amidst the many matters of local interest reported this week the correspondents of this journal have much to relate concerning the state of trade, the prices ruling at the several markets of the district, the condition of the roads, and the general welfare of the settlers throughout the county.

Amidst the many matters of local interest reported this week the correspondents of this journal have much to relate concerning the state of trade, the prices ruling at the several markets of the district, the condition of the roads, and the general welfare of the settlers throughout the county.

Amidst the many matters of local interest reported this week the correspondents of this journal have much to relate concerning the state of trade, the prices ruling at the several markets of the district, the condition of the roads, and the general welfare of the settlers throughout the county.

Amidst the many matters of local interest reported this week the correspondents of this journal have much to relate concerning the state of trade, the prices ruling at the several markets of the district, the condition of the roads, and the general welfare of the settlers throughout the county.

Amidst the many matters of local interest reported this week the correspondents of this journal have much to relate concerning the state of trade, the prices ruling at the several markets of the district, the condition of the roads, and the general welfare of the settlers throughout the county.

PARLIAMENTARY NOTES.

WELLINGTON, July 17. Trouble is brewing as to the action of the Government in placing before the House the letter written by Chief Judge M'Donald in reply to the charges made against him by Mr Hamlin.

Ministers are not to be caught with the chaff which has been thrown to them by Mr Taylor to-day, as to whether there is any truth in the rumour that Mr Fisher and Mr Fergus intend to retire from the Ministry after the close of the session.

The Committee to which Mr Walker proposes to refer the question of privilege in connection with the appointment of Judge M'Donald, Chief Judge of the Native Land Court, will be composed of the Premier, the Colonial Secretary, Sir J. Hall, Messrs Ballance, Ormond, Samuel, Stewart, Seymour, and the mover (Mr Walker).

WHEN HAIR BEGINS—If gray restore to original color.

Amidst the many matters of local interest reported this week the correspondents of this journal have much to relate concerning the state of trade, the prices ruling at the several markets of the district, the condition of the roads, and the general welfare of the settlers throughout the county.

Amidst the many matters of local interest reported this week the correspondents of this journal have much to relate concerning the state of trade, the prices ruling at the several markets of the district, the condition of the roads, and the general welfare of the settlers throughout the county.

Amidst the many matters of local interest reported this week the correspondents of this journal have much to relate concerning the state of trade, the prices ruling at the several markets of the district, the condition of the roads, and the general welfare of the settlers throughout the county.

Amidst the many matters of local interest reported this week the correspondents of this journal have much to relate concerning the state of trade, the prices ruling at the several markets of the district, the condition of the roads, and the general welfare of the settlers throughout the county.

Amidst the many matters of local interest reported this week the correspondents of this journal have much to relate concerning the state of trade, the prices ruling at the several markets of the district, the condition of the roads, and the general welfare of the settlers throughout the county.

Amidst the many matters of local interest reported this week the correspondents of this journal have much to relate concerning the state of trade, the prices ruling at the several markets of the district, the condition of the roads, and the general welfare of the settlers throughout the county.

Amidst the many matters of local interest reported this week the correspondents of this journal have much to relate concerning the state of trade, the prices ruling at the several markets of the district, the condition of the roads, and the general welfare of the settlers throughout the county.

Amidst the many matters of local interest reported this week the correspondents of this journal have much to relate concerning the state of trade, the prices ruling at the several markets of the district, the condition of the roads, and the general welfare of the settlers throughout the county.

Amidst the many matters of local interest reported this week the correspondents of this journal have much to relate concerning the state of trade, the prices ruling at the several markets of the district, the condition of the roads, and the general welfare of the settlers throughout the county.

Amidst the many matters of local interest reported this week the correspondents of this journal have much to relate concerning the state of trade, the prices ruling at the several markets of the district, the condition of the roads, and the general welfare of the settlers throughout the county.

Amidst the many matters of local interest reported this week the correspondents of this journal have much to relate concerning the state of trade, the prices ruling at the several markets of the district, the condition of the roads, and the general welfare of the settlers throughout the county.

Amidst the many matters of local interest reported this week the correspondents of this journal have much to relate concerning the state of trade, the prices ruling at the several markets of the district, the condition of the roads, and the general welfare of the settlers throughout the county.

Amidst the many matters of local interest reported this week the correspondents of this journal have much to relate concerning the state of trade, the prices ruling at the several markets of the district, the condition of the roads, and the general welfare of the settlers throughout the county.

Amidst the many matters of local interest reported this week the correspondents of this journal have much to relate concerning the state of trade, the prices ruling at the several markets of the district, the condition of the roads, and the general welfare of the settlers throughout the county.

Amidst the many matters of local interest reported this week the correspondents of this journal have much to relate concerning the state of trade, the prices ruling at the several markets of the district, the condition of the roads, and the general welfare of the settlers throughout the county.

Amidst the many matters of local interest reported this week the correspondents of this journal have much to relate concerning the state of trade, the prices ruling at the several markets of the district, the condition of the roads, and the general welfare of the settlers throughout the county.

Amidst the many matters of local interest reported this week the correspondents of this journal have much to relate concerning the state of trade, the prices ruling at the several markets of the district, the condition of the roads, and the general welfare of the settlers throughout the county.

Amidst the many matters of local interest reported this week the correspondents of this journal have much to relate concerning the state of trade, the prices ruling at the several markets of the district, the condition of the roads, and the general welfare of the settlers throughout the county.

Amidst the many matters of local interest reported this week the correspondents of this journal have much to relate concerning the state of trade, the prices ruling at the several markets of the district, the condition of the roads, and the general welfare of the settlers throughout the county.

Amidst the many matters of local interest reported this week the correspondents of this journal have much to relate concerning the state of trade, the prices ruling at the several markets of the district, the condition of the roads, and the general welfare of the settlers throughout the county.

Amidst the many matters of local interest reported this week the correspondents of this journal have much to relate concerning the state of trade, the prices ruling at the several markets of the district, the condition of the roads, and the general welfare of the settlers throughout the county.

Amidst the many matters of local interest reported this week the correspondents of this journal have much to relate concerning the state of trade, the prices ruling at the several markets of the district, the condition of the roads, and the general welfare of the settlers throughout the county.

Amidst the many matters of local interest reported this week the correspondents of this journal have much to relate concerning the state of trade, the prices ruling at the several markets of the district, the condition of the roads, and the general welfare of the settlers throughout the county.

Amidst the many matters of local interest reported this week the correspondents of this journal have much to relate concerning the state of trade, the prices ruling at the several markets of the district, the condition of the roads, and the general welfare of the settlers throughout the county.

Amidst the many matters of local interest reported this week the correspondents of this journal have much to relate concerning the state of trade, the prices ruling at the several markets of the district, the condition of the roads, and the general welfare of the settlers throughout the county.

Amidst the many matters of local interest reported this week the correspondents of this journal have much to relate concerning the state of trade, the prices ruling at the several markets of the district, the condition of the roads, and the general welfare of the settlers throughout the county.

Amidst the many matters of local interest reported this week the correspondents of this journal have much to relate concerning the state of trade, the prices ruling at the several markets of the district, the condition of the roads, and the general welfare of the settlers throughout the county.

Amidst the many matters of local interest reported this week the correspondents of this journal have much to relate concerning the state of trade, the prices ruling at the several markets of the district, the condition of the roads, and the general welfare of the settlers throughout the county.

Amidst the many matters of local interest reported this week the correspondents of this journal have much to relate concerning the state of trade, the prices ruling at the several markets of the district, the condition of the roads, and the general welfare of the settlers throughout the county.

Amidst the many matters of local interest reported this week the correspondents of this journal have much to relate concerning the state of trade, the prices ruling at the several markets of the district, the condition of the roads, and the general welfare of the settlers throughout the county.
